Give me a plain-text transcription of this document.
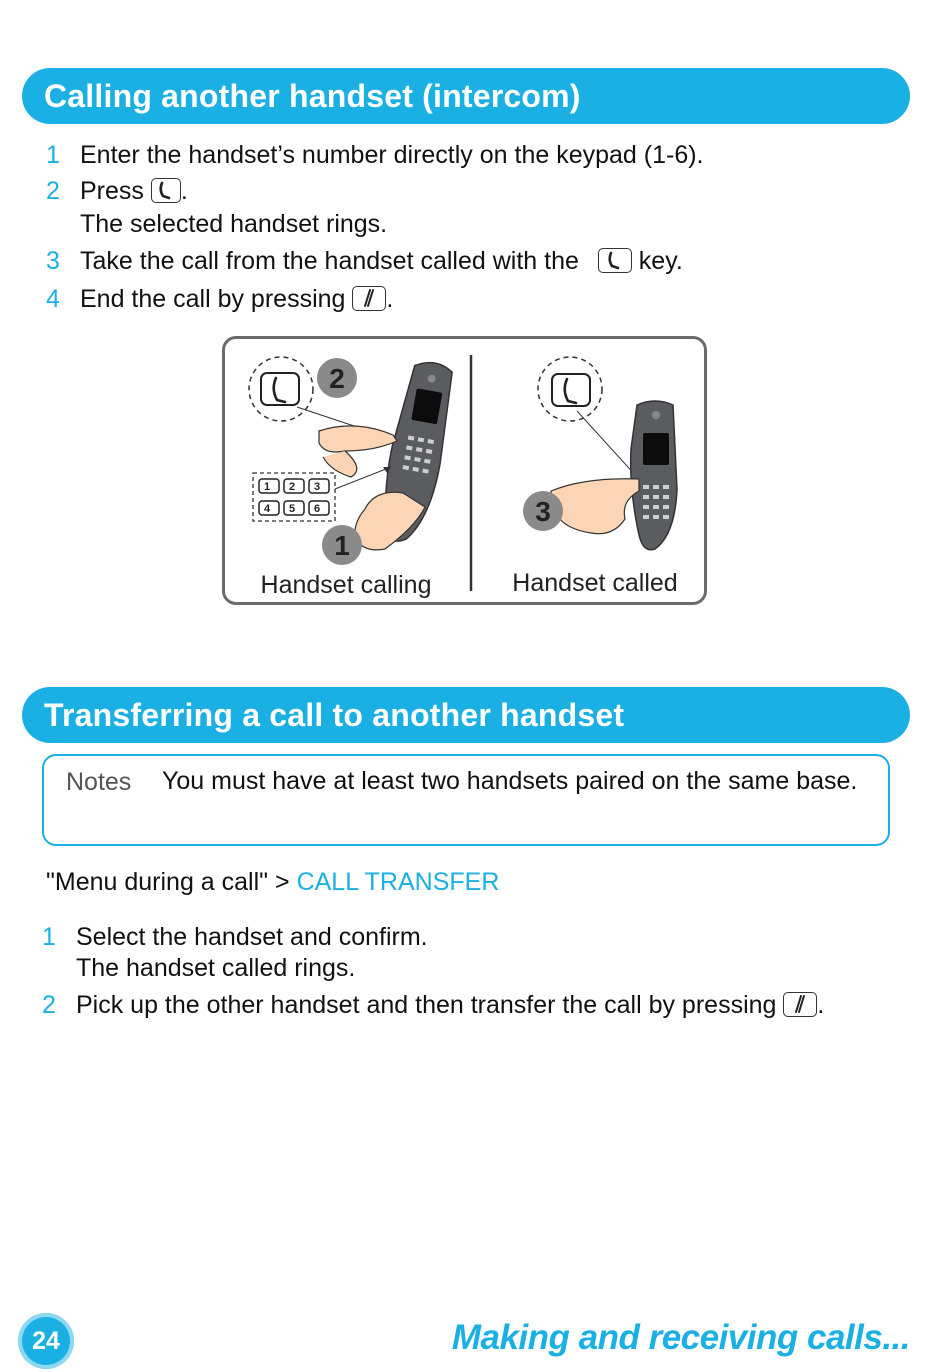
Calling another handset (intercom)
1 Enter the handset’s number directly on the keypad (1-6).
2 Press .
The selected handset rings.
3 Take the call from the handset called with the key.
4 End the call by pressing .
1 2 3
4 5 6
2
1
3
Handset calling	Handset called
Transferring a call to another handset
Notes You must have at least two handsets paired on the same base.
"Menu during a call" > CALL TRANSFER
1 Select the handset and confirm.
The handset called rings.
2 Pick up the other handset and then transfer the call by pressing .
24	Making and receiving calls...
